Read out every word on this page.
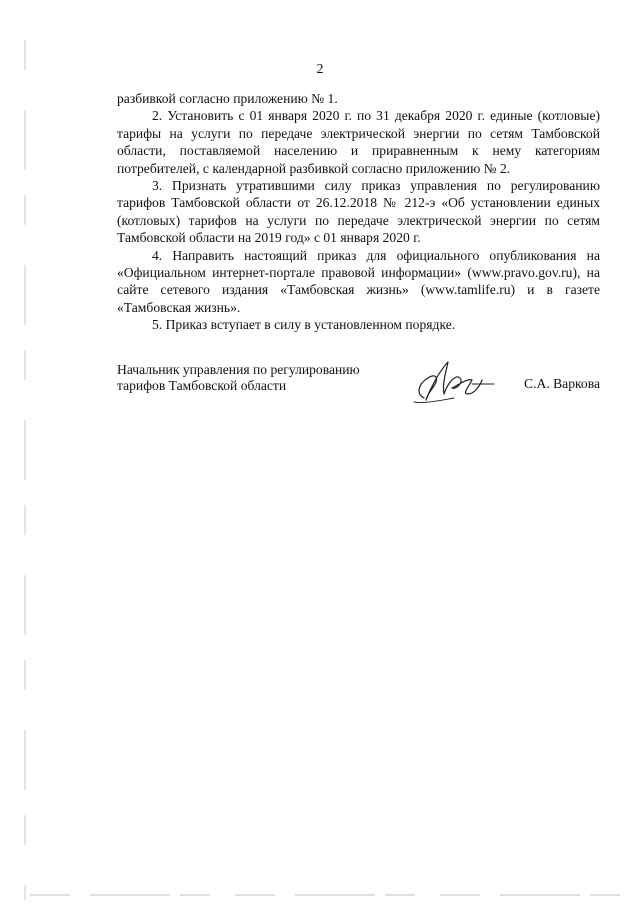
2

разбивкой согласно приложению № 1.

2. Установить с 01 января 2020 г. по 31 декабря 2020 г. единые (котловые) тарифы на услуги по передаче электрической энергии по сетям Тамбовской области, поставляемой населению и приравненным к нему категориям потребителей, с календарной разбивкой согласно приложению № 2.

3. Признать утратившими силу приказ управления по регулированию тарифов Тамбовской области от 26.12.2018 № 212-э «Об установлении единых (котловых) тарифов на услуги по передаче электрической энергии по сетям Тамбовской области на 2019 год» с 01 января 2020 г.

4. Направить настоящий приказ для официального опубликования на «Официальном интернет-портале правовой информации» (www.pravo.gov.ru), на сайте сетевого издания «Тамбовская жизнь» (www.tamlife.ru) и в газете «Тамбовская жизнь».

5. Приказ вступает в силу в установленном порядке.

Начальник управления по регулированию
тарифов Тамбовской области	С.А. Варкова
